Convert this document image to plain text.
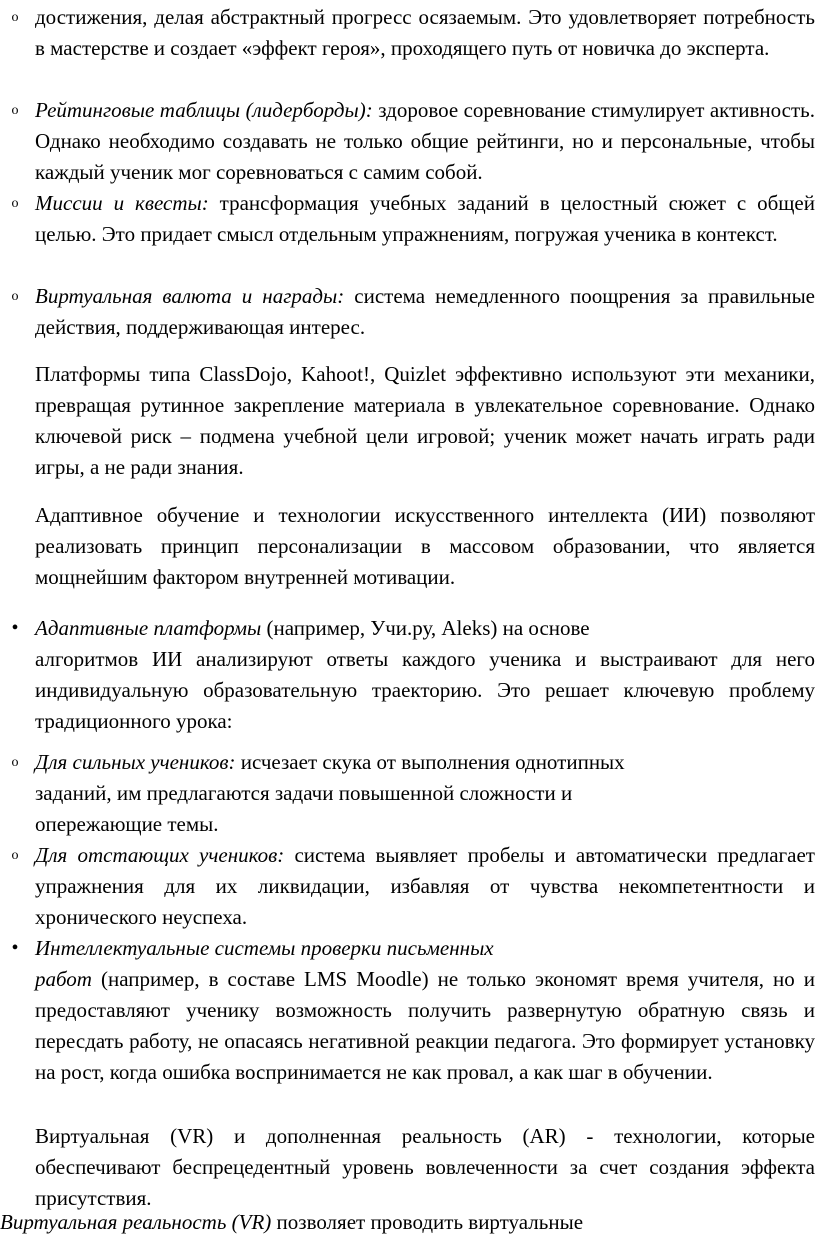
o достижения, делая абстрактный прогресс осязаемым. Это удовлетворяет потребность в мастерстве и создает «эффект героя», проходящего путь от новичка до эксперта.
o Рейтинговые таблицы (лидерборды): здоровое соревнование стимулирует активность. Однако необходимо создавать не только общие рейтинги, но и персональные, чтобы каждый ученик мог соревноваться с самим собой.
o Миссии и квесты: трансформация учебных заданий в целостный сюжет с общей целью. Это придает смысл отдельным упражнениям, погружая ученика в контекст.
o Виртуальная валюта и награды: система немедленного поощрения за правильные действия, поддерживающая интерес.
Платформы типа ClassDojo, Kahoot!, Quizlet эффективно используют эти механики, превращая рутинное закрепление материала в увлекательное соревнование. Однако ключевой риск – подмена учебной цели игровой; ученик может начать играть ради игры, а не ради знания.
Адаптивное обучение и технологии искусственного интеллекта (ИИ) позволяют реализовать принцип персонализации в массовом образовании, что является мощнейшим фактором внутренней мотивации.
• Адаптивные платформы (например, Учи.ру, Aleks) на основе
алгоритмов ИИ анализируют ответы каждого ученика и выстраивают для него индивидуальную образовательную траекторию. Это решает ключевую проблему традиционного урока:
o Для сильных учеников: исчезает скука от выполнения однотипных
заданий, им предлагаются задачи повышенной сложности и
опережающие темы.
o Для отстающих учеников: система выявляет пробелы и автоматически предлагает упражнения для их ликвидации, избавляя от чувства некомпетентности и хронического неуспеха.
• Интеллектуальные системы проверки письменных
работ (например, в составе LMS Moodle) не только экономят время учителя, но и предоставляют ученику возможность получить развернутую обратную связь и пересдать работу, не опасаясь негативной реакции педагога. Это формирует установку на рост, когда ошибка воспринимается не как провал, а как шаг в обучении.
Виртуальная (VR) и дополненная реальность (AR) - технологии, которые обеспечивают беспрецедентный уровень вовлеченности за счет создания эффекта присутствия.
Виртуальная реальность (VR) позволяет проводить виртуальные
